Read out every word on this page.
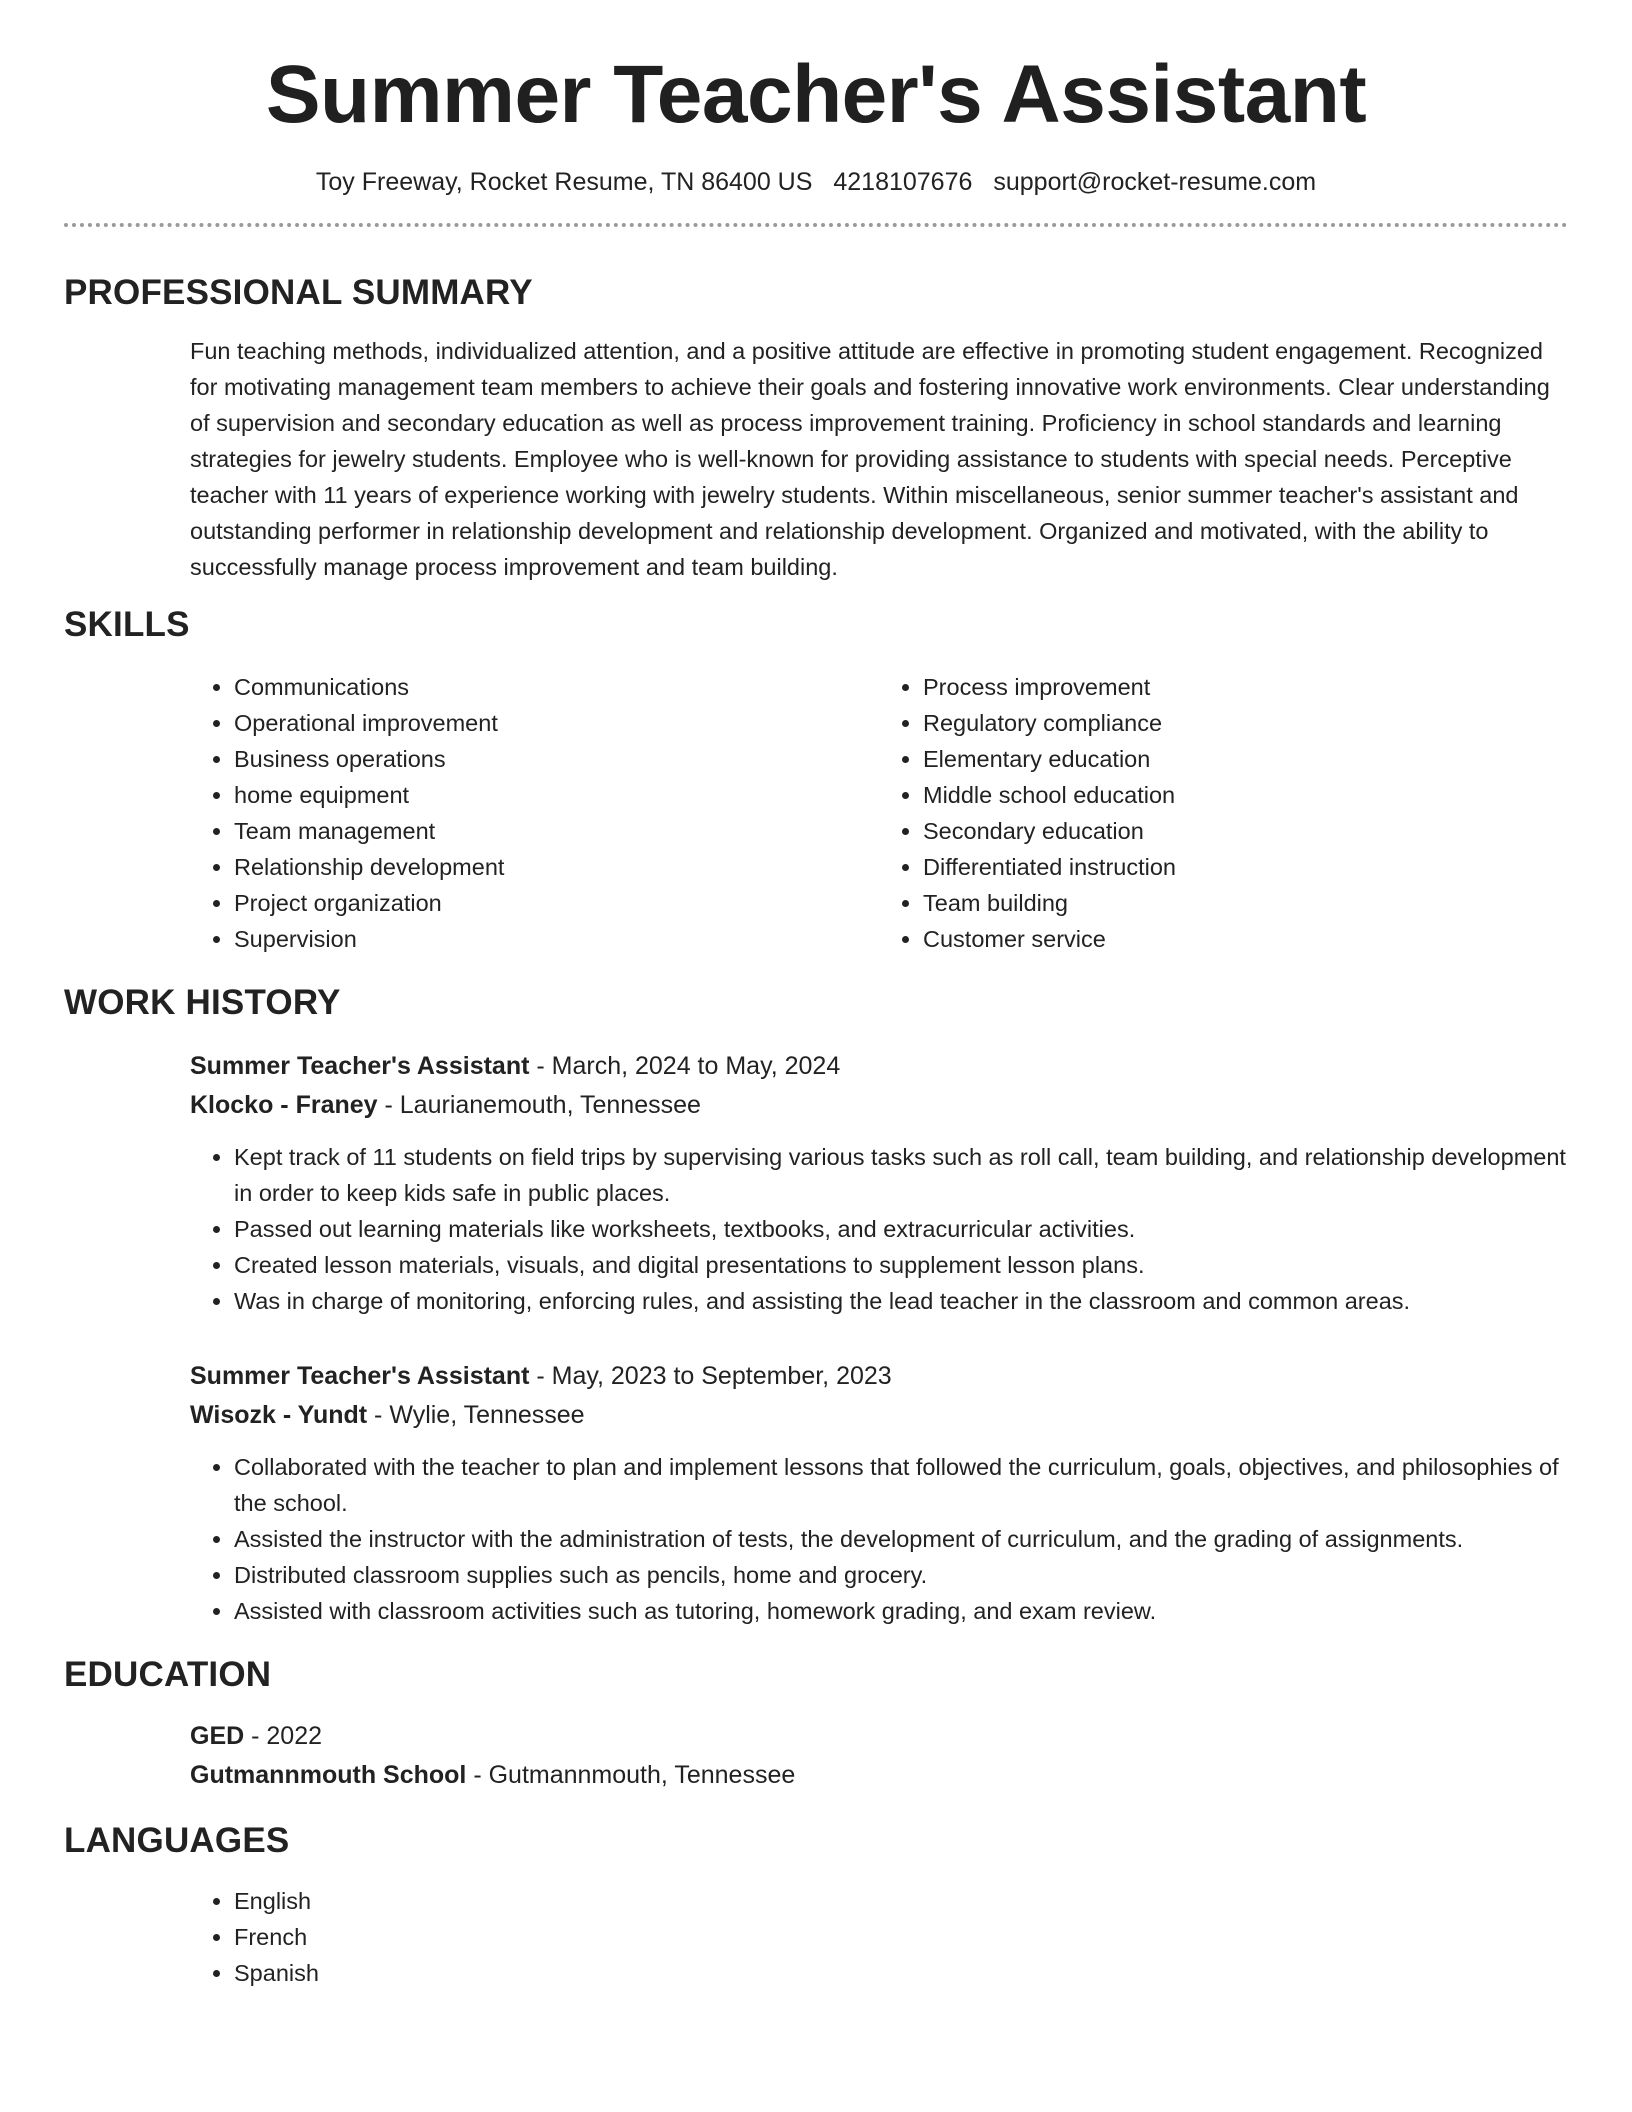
Summer Teacher's Assistant
Toy Freeway, Rocket Resume, TN 86400 US 4218107676 support@rocket-resume.com
PROFESSIONAL SUMMARY

Fun teaching methods, individualized attention, and a positive attitude are effective in promoting student engagement. Recognized for motivating management team members to achieve their goals and fostering innovative work environments. Clear understanding of supervision and secondary education as well as process improvement training. Proficiency in school standards and learning strategies for jewelry students. Employee who is well-known for providing assistance to students with special needs. Perceptive teacher with 11 years of experience working with jewelry students. Within miscellaneous, senior summer teacher's assistant and outstanding performer in relationship development and relationship development. Organized and motivated, with the ability to successfully manage process improvement and team building.

SKILLS
• Communications
• Operational improvement
• Business operations
• home equipment
• Team management
• Relationship development
• Project organization
• Supervision
• Process improvement
• Regulatory compliance
• Elementary education
• Middle school education
• Secondary education
• Differentiated instruction
• Team building
• Customer service
WORK HISTORY
Summer Teacher's Assistant - March, 2024 to May, 2024
Klocko - Franey - Laurianemouth, Tennessee
• Kept track of 11 students on field trips by supervising various tasks such as roll call, team building, and relationship development in order to keep kids safe in public places.
• Passed out learning materials like worksheets, textbooks, and extracurricular activities.
• Created lesson materials, visuals, and digital presentations to supplement lesson plans.
• Was in charge of monitoring, enforcing rules, and assisting the lead teacher in the classroom and common areas.
Summer Teacher's Assistant - May, 2023 to September, 2023
Wisozk - Yundt - Wylie, Tennessee
• Collaborated with the teacher to plan and implement lessons that followed the curriculum, goals, objectives, and philosophies of the school.
• Assisted the instructor with the administration of tests, the development of curriculum, and the grading of assignments.
• Distributed classroom supplies such as pencils, home and grocery.
• Assisted with classroom activities such as tutoring, homework grading, and exam review.
EDUCATION
GED - 2022
Gutmannmouth School - Gutmannmouth, Tennessee
LANGUAGES
• English
• French
• Spanish
